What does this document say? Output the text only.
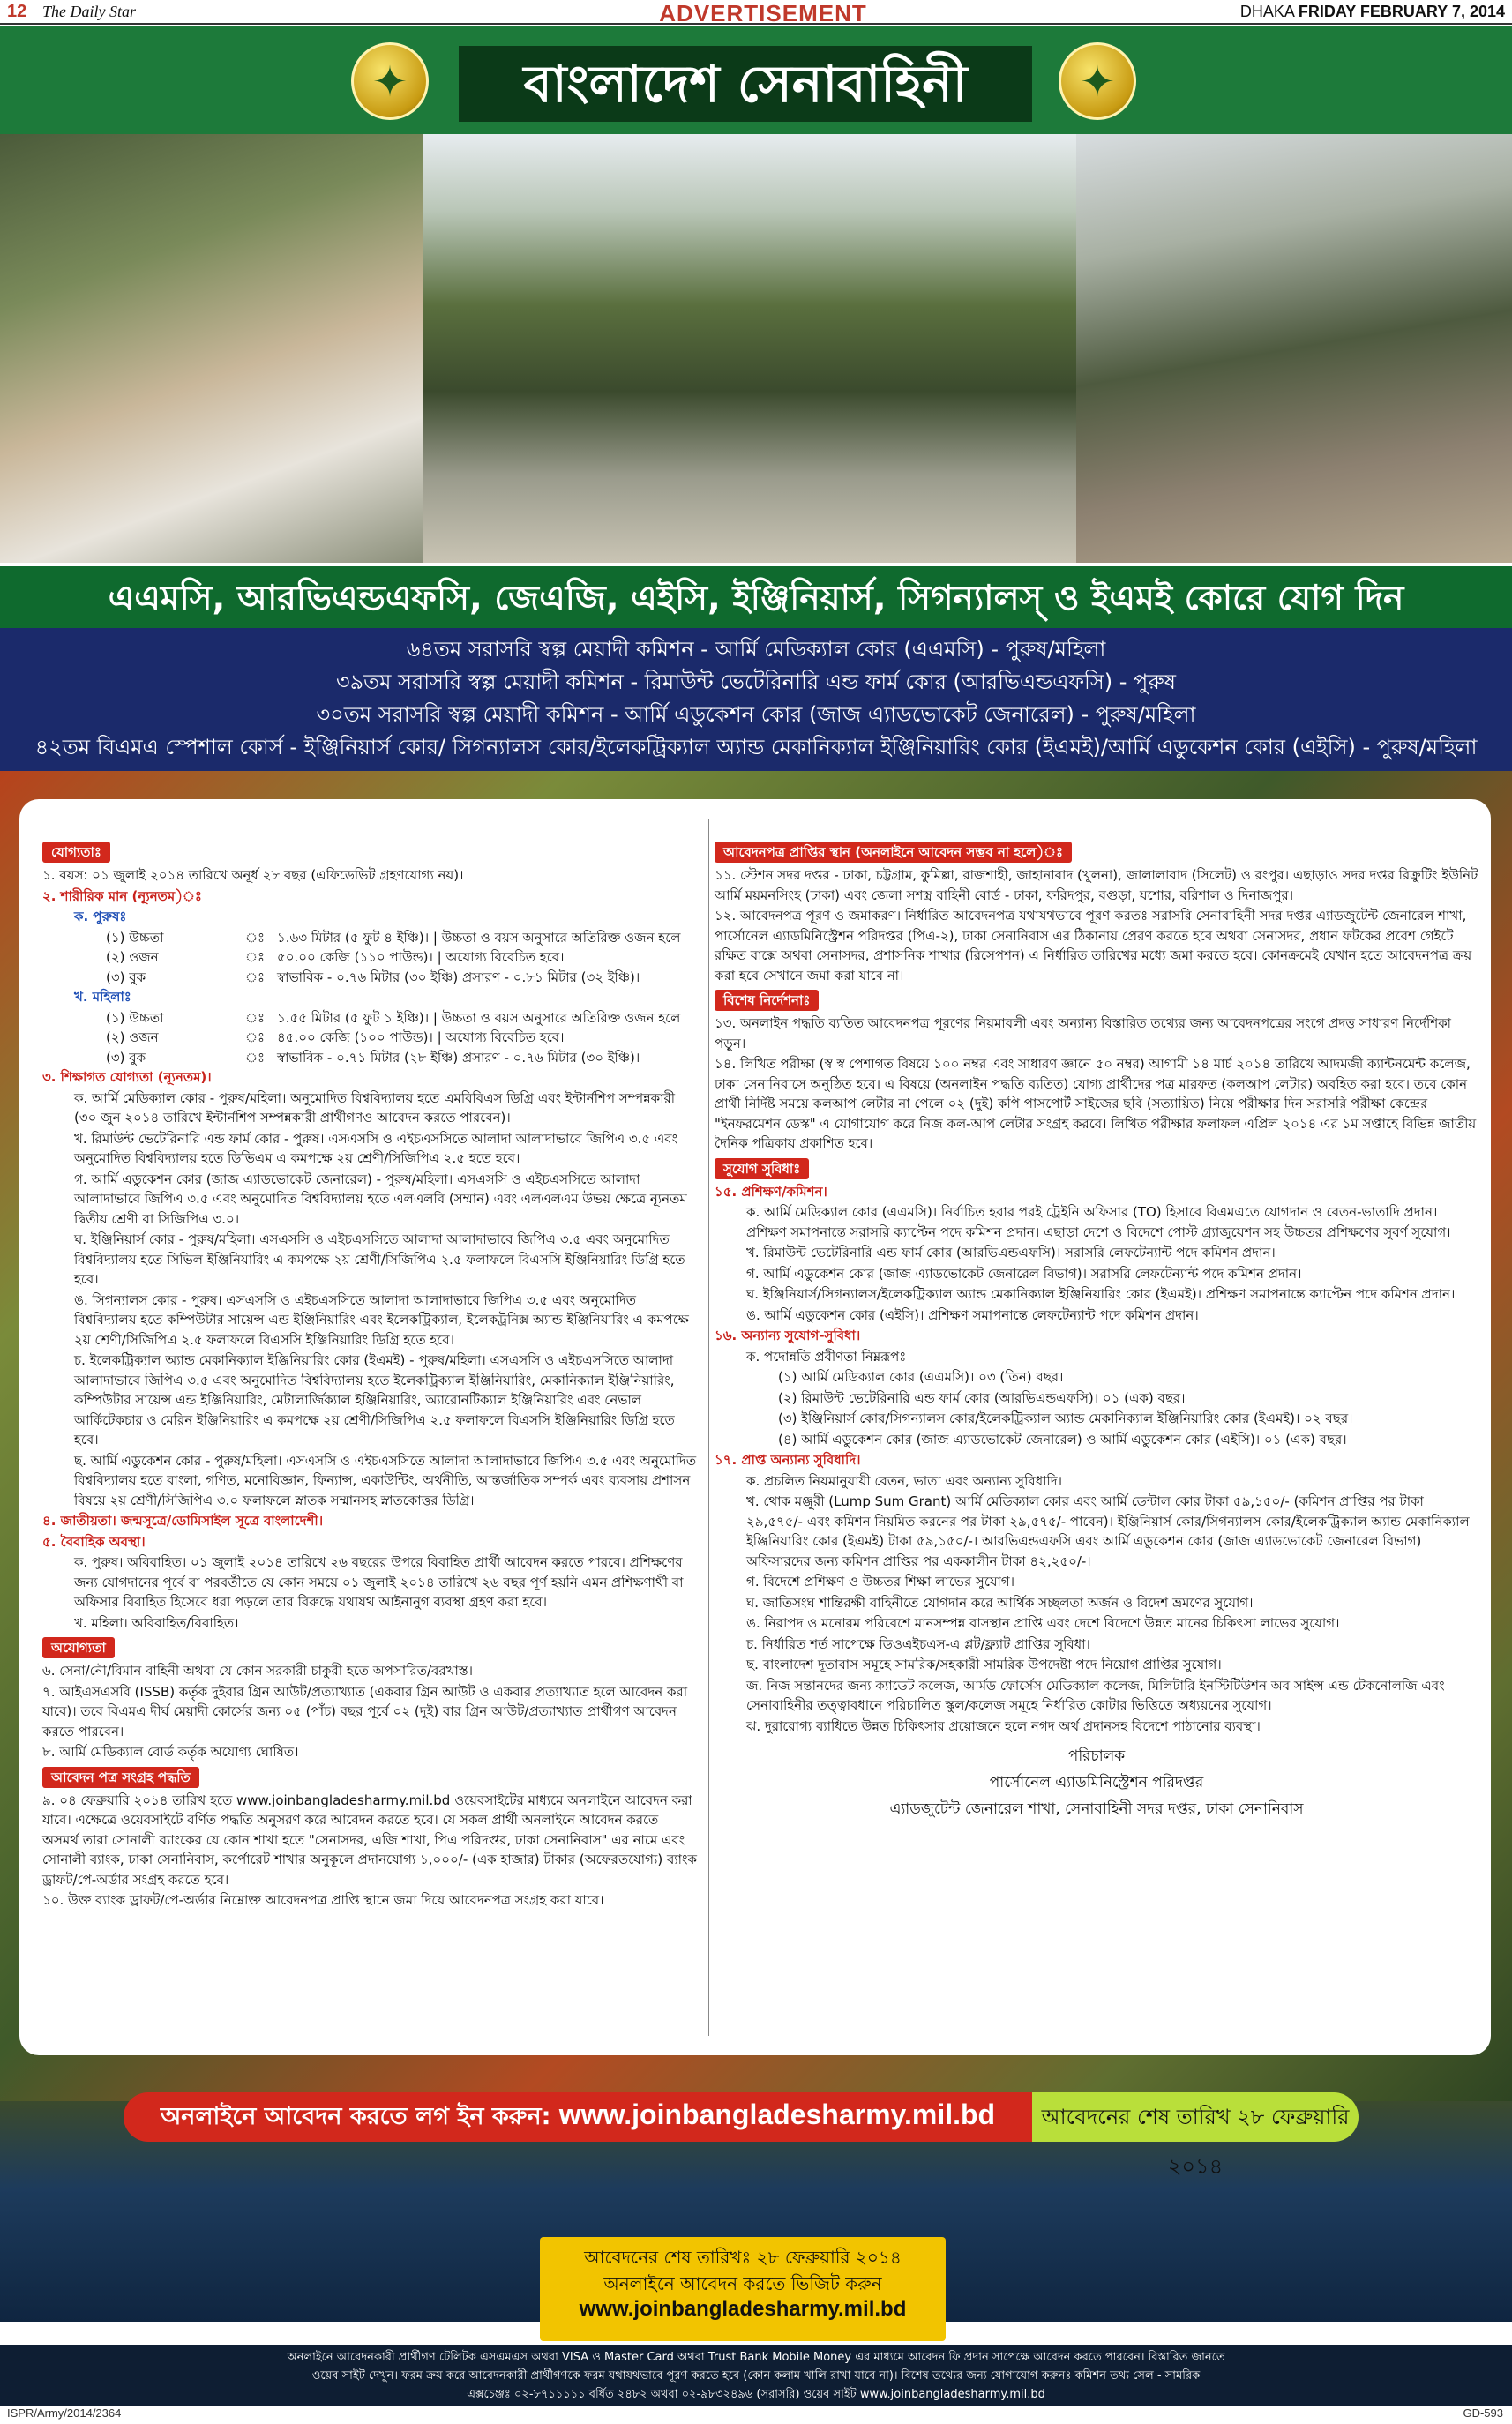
12 The Daily Star	ADVERTISEMENT	DHAKA FRIDAY FEBRUARY 7, 2014
✦
বাংলাদেশ সেনাবাহিনী
✦
এএমসি, আরভিএন্ডএফসি, জেএজি, এইসি, ইঞ্জিনিয়ার্স, সিগন্যালস্ ও ইএমই কোরে যোগ দিন
৬৪তম সরাসরি স্বল্প মেয়াদী কমিশন - আর্মি মেডিক্যাল কোর (এএমসি) - পুরুষ/মহিলা
৩৯তম সরাসরি স্বল্প মেয়াদী কমিশন - রিমাউন্ট ভেটেরিনারি এন্ড ফার্ম কোর (আরভিএন্ডএফসি) - পুরুষ
৩০তম সরাসরি স্বল্প মেয়াদী কমিশন - আর্মি এডুকেশন কোর (জাজ এ্যাডভোকেট জেনারেল) - পুরুষ/মহিলা
৪২তম বিএমএ স্পেশাল কোর্স - ইঞ্জিনিয়ার্স কোর/ সিগন্যালস কোর/ইলেকট্রিক্যাল অ্যান্ড মেকানিক্যাল ইঞ্জিনিয়ারিং কোর (ইএমই)/আর্মি এডুকেশন কোর (এইসি) - পুরুষ/মহিলা
যোগ্যতাঃ
১. বয়স: ০১ জুলাই ২০১৪ তারিখে অনূর্ধ ২৮ বছর (এফিডেভিট গ্রহণযোগ্য নয়)।
২. শারীরিক মান (ন্যূনতম)ঃ
ক. পুরুষঃ
(১) উচ্চতা	ঃ ১.৬৩ মিটার (৫ ফুট ৪ ইঞ্চি)। | উচ্চতা ও বয়স অনুসারে অতিরিক্ত ওজন হলে
(২) ওজন	ঃ ৫০.০০ কেজি (১১০ পাউন্ড)। | অযোগ্য বিবেচিত হবে।
(৩) বুক	ঃ স্বাভাবিক - ০.৭৬ মিটার (৩০ ইঞ্চি) প্রসারণ - ০.৮১ মিটার (৩২ ইঞ্চি)।
খ. মহিলাঃ
(১) উচ্চতা	ঃ ১.৫৫ মিটার (৫ ফুট ১ ইঞ্চি)। | উচ্চতা ও বয়স অনুসারে অতিরিক্ত ওজন হলে
(২) ওজন	ঃ ৪৫.০০ কেজি (১০০ পাউন্ড)। | অযোগ্য বিবেচিত হবে।
(৩) বুক	ঃ স্বাভাবিক - ০.৭১ মিটার (২৮ ইঞ্চি) প্রসারণ - ০.৭৬ মিটার (৩০ ইঞ্চি)।
৩. শিক্ষাগত যোগ্যতা (ন্যূনতম)।
ক. আর্মি মেডিক্যাল কোর - পুরুষ/মহিলা। অনুমোদিত বিশ্ববিদ্যালয় হতে এমবিবিএস ডিগ্রি এবং ইন্টার্নশিপ সম্পন্নকারী (৩০ জুন ২০১৪ তারিখে ইন্টার্নশিপ সম্পন্নকারী প্রার্থীগণও আবেদন করতে পারবেন)।
খ. রিমাউন্ট ভেটেরিনারি এন্ড ফার্ম কোর - পুরুষ। এসএসসি ও এইচএসসিতে আলাদা আলাদাভাবে জিপিএ ৩.৫ এবং অনুমোদিত বিশ্ববিদ্যালয় হতে ডিভিএম এ কমপক্ষে ২য় শ্রেণী/সিজিপিএ ২.৫ হতে হবে।
গ. আর্মি এডুকেশন কোর (জাজ এ্যাডভোকেট জেনারেল) - পুরুষ/মহিলা। এসএসসি ও এইচএসসিতে আলাদা আলাদাভাবে জিপিএ ৩.৫ এবং অনুমোদিত বিশ্ববিদ্যালয় হতে এলএলবি (সম্মান) এবং এলএলএম উভয় ক্ষেত্রে ন্যূনতম দ্বিতীয় শ্রেণী বা সিজিপিএ ৩.০।
ঘ. ইঞ্জিনিয়ার্স কোর - পুরুষ/মহিলা। এসএসসি ও এইচএসসিতে আলাদা আলাদাভাবে জিপিএ ৩.৫ এবং অনুমোদিত বিশ্ববিদ্যালয় হতে সিভিল ইঞ্জিনিয়ারিং এ কমপক্ষে ২য় শ্রেণী/সিজিপিএ ২.৫ ফলাফলে বিএসসি ইঞ্জিনিয়ারিং ডিগ্রি হতে হবে।
ঙ. সিগন্যালস কোর - পুরুষ। এসএসসি ও এইচএসসিতে আলাদা আলাদাভাবে জিপিএ ৩.৫ এবং অনুমোদিত বিশ্ববিদ্যালয় হতে কম্পিউটার সায়েন্স এন্ড ইঞ্জিনিয়ারিং এবং ইলেকট্রিক্যাল, ইলেকট্রনিক্স অ্যান্ড ইঞ্জিনিয়ারিং এ কমপক্ষে ২য় শ্রেণী/সিজিপিএ ২.৫ ফলাফলে বিএসসি ইঞ্জিনিয়ারিং ডিগ্রি হতে হবে।
চ. ইলেকট্রিক্যাল অ্যান্ড মেকানিক্যাল ইঞ্জিনিয়ারিং কোর (ইএমই) - পুরুষ/মহিলা। এসএসসি ও এইচএসসিতে আলাদা আলাদাভাবে জিপিএ ৩.৫ এবং অনুমোদিত বিশ্ববিদ্যালয় হতে ইলেকট্রিক্যাল ইঞ্জিনিয়ারিং, মেকানিক্যাল ইঞ্জিনিয়ারিং, কম্পিউটার সায়েন্স এন্ড ইঞ্জিনিয়ারিং, মেটালার্জিক্যাল ইঞ্জিনিয়ারিং, অ্যারোনটিক্যাল ইঞ্জিনিয়ারিং এবং নেভাল আর্কিটেকচার ও মেরিন ইঞ্জিনিয়ারিং এ কমপক্ষে ২য় শ্রেণী/সিজিপিএ ২.৫ ফলাফলে বিএসসি ইঞ্জিনিয়ারিং ডিগ্রি হতে হবে।
ছ. আর্মি এডুকেশন কোর - পুরুষ/মহিলা। এসএসসি ও এইচএসসিতে আলাদা আলাদাভাবে জিপিএ ৩.৫ এবং অনুমোদিত বিশ্ববিদ্যালয় হতে বাংলা, গণিত, মনোবিজ্ঞান, ফিন্যান্স, একাউন্টিং, অর্থনীতি, আন্তর্জাতিক সম্পর্ক এবং ব্যবসায় প্রশাসন বিষয়ে ২য় শ্রেণী/সিজিপিএ ৩.০ ফলাফলে স্নাতক সম্মানসহ স্নাতকোত্তর ডিগ্রি।
৪. জাতীয়তা। জন্মসূত্রে/ডোমিসাইল সূত্রে বাংলাদেশী।
৫. বৈবাহিক অবস্থা।
ক. পুরুষ। অবিবাহিত। ০১ জুলাই ২০১৪ তারিখে ২৬ বছরের উপরে বিবাহিত প্রার্থী আবেদন করতে পারবে। প্রশিক্ষণের জন্য যোগদানের পূর্বে বা পরবর্তীতে যে কোন সময়ে ০১ জুলাই ২০১৪ তারিখে ২৬ বছর পূর্ণ হয়নি এমন প্রশিক্ষণার্থী বা অফিসার বিবাহিত হিসেবে ধরা পড়লে তার বিরুদ্ধে যথাযথ আইনানুগ ব্যবস্থা গ্রহণ করা হবে।
খ. মহিলা। অবিবাহিত/বিবাহিত।
অযোগ্যতা
৬. সেনা/নৌ/বিমান বাহিনী অথবা যে কোন সরকারী চাকুরী হতে অপসারিত/বরখাস্ত।
৭. আইএসএসবি (ISSB) কর্তৃক দুইবার গ্রিন আউট/প্রত্যাখ্যাত (একবার গ্রিন আউট ও একবার প্রত্যাখ্যাত হলে আবেদন করা যাবে)। তবে বিএমএ দীর্ঘ মেয়াদী কোর্সের জন্য ০৫ (পাঁচ) বছর পূর্বে ০২ (দুই) বার গ্রিন আউট/প্রত্যাখ্যাত প্রার্থীগণ আবেদন করতে পারবেন।
৮. আর্মি মেডিক্যাল বোর্ড কর্তৃক অযোগ্য ঘোষিত।
আবেদন পত্র সংগ্রহ পদ্ধতি
৯. ০৪ ফেব্রুয়ারি ২০১৪ তারিখ হতে www.joinbangladesharmy.mil.bd ওয়েবসাইটের মাধ্যমে অনলাইনে আবেদন করা যাবে। এক্ষেত্রে ওয়েবসাইটে বর্ণিত পদ্ধতি অনুসরণ করে আবেদন করতে হবে। যে সকল প্রার্থী অনলাইনে আবেদন করতে অসমর্থ তারা সোনালী ব্যাংকের যে কোন শাখা হতে "সেনাসদর, এজি শাখা, পিএ পরিদপ্তর, ঢাকা সেনানিবাস" এর নামে এবং সোনালী ব্যাংক, ঢাকা সেনানিবাস, কর্পোরেট শাখার অনুকূলে প্রদানযোগ্য ১,০০০/- (এক হাজার) টাকার (অফেরতযোগ্য) ব্যাংক ড্রাফট/পে-অর্ডার সংগ্রহ করতে হবে।
১০. উক্ত ব্যাংক ড্রাফট/পে-অর্ডার নিম্নোক্ত আবেদনপত্র প্রাপ্তি স্থানে জমা দিয়ে আবেদনপত্র সংগ্রহ করা যাবে।
আবেদনপত্র প্রাপ্তির স্থান (অনলাইনে আবেদন সম্ভব না হলে)ঃ
১১. স্টেশন সদর দপ্তর - ঢাকা, চট্টগ্রাম, কুমিল্লা, রাজশাহী, জাহানাবাদ (খুলনা), জালালাবাদ (সিলেট) ও রংপুর। এছাড়াও সদর দপ্তর রিক্রুটিং ইউনিট আর্মি ময়মনসিংহ (ঢাকা) এবং জেলা সশস্ত্র বাহিনী বোর্ড - ঢাকা, ফরিদপুর, বগুড়া, যশোর, বরিশাল ও দিনাজপুর।
১২. আবেদনপত্র পূরণ ও জমাকরণ। নির্ধারিত আবেদনপত্র যথাযথভাবে পূরণ করতঃ সরাসরি সেনাবাহিনী সদর দপ্তর এ্যাডজুটেন্ট জেনারেল শাখা, পার্সোনেল এ্যাডমিনিস্ট্রেশন পরিদপ্তর (পিএ-২), ঢাকা সেনানিবাস এর ঠিকানায় প্রেরণ করতে হবে অথবা সেনাসদর, প্রধান ফটকের প্রবেশ গেইটে রক্ষিত বাক্সে অথবা সেনাসদর, প্রশাসনিক শাখার (রিসেপশন) এ নির্ধারিত তারিখের মধ্যে জমা করতে হবে। কোনক্রমেই যেখান হতে আবেদনপত্র ক্রয় করা হবে সেখানে জমা করা যাবে না।
বিশেষ নির্দেশনাঃ
১৩. অনলাইন পদ্ধতি ব্যতিত আবেদনপত্র পূরণের নিয়মাবলী এবং অন্যান্য বিস্তারিত তথ্যের জন্য আবেদনপত্রের সংগে প্রদত্ত সাধারণ নির্দেশিকা পড়ুন।
১৪. লিখিত পরীক্ষা (স্ব স্ব পেশাগত বিষয়ে ১০০ নম্বর এবং সাধারণ জ্ঞানে ৫০ নম্বর) আগামী ১৪ মার্চ ২০১৪ তারিখে আদমজী ক্যান্টনমেন্ট কলেজ, ঢাকা সেনানিবাসে অনুষ্ঠিত হবে। এ বিষয়ে (অনলাইন পদ্ধতি ব্যতিত) যোগ্য প্রার্থীদের পত্র মারফত (কলআপ লেটার) অবহিত করা হবে। তবে কোন প্রার্থী নির্দিষ্ট সময়ে কলআপ লেটার না পেলে ০২ (দুই) কপি পাসপোর্ট সাইজের ছবি (সত্যায়িত) নিয়ে পরীক্ষার দিন সরাসরি পরীক্ষা কেন্দ্রের "ইনফরমেশন ডেস্ক" এ যোগাযোগ করে নিজ কল-আপ লেটার সংগ্রহ করবে। লিখিত পরীক্ষার ফলাফল এপ্রিল ২০১৪ এর ১ম সপ্তাহে বিভিন্ন জাতীয় দৈনিক পত্রিকায় প্রকাশিত হবে।
সুযোগ সুবিধাঃ
১৫. প্রশিক্ষণ/কমিশন।
ক. আর্মি মেডিক্যাল কোর (এএমসি)। নির্বাচিত হবার পরই ট্রেইনি অফিসার (TO) হিসাবে বিএমএতে যোগদান ও বেতন-ভাতাদি প্রদান। প্রশিক্ষণ সমাপনান্তে সরাসরি ক্যাপ্টেন পদে কমিশন প্রদান। এছাড়া দেশে ও বিদেশে পোস্ট গ্র্যাজুয়েশন সহ উচ্চতর প্রশিক্ষণের সুবর্ণ সুযোগ।
খ. রিমাউন্ট ভেটেরিনারি এন্ড ফার্ম কোর (আরভিএন্ডএফসি)। সরাসরি লেফটেন্যান্ট পদে কমিশন প্রদান।
গ. আর্মি এডুকেশন কোর (জাজ এ্যাডভোকেট জেনারেল বিভাগ)। সরাসরি লেফটেন্যান্ট পদে কমিশন প্রদান।
ঘ. ইঞ্জিনিয়ার্স/সিগন্যালস/ইলেকট্রিক্যাল অ্যান্ড মেকানিক্যাল ইঞ্জিনিয়ারিং কোর (ইএমই)। প্রশিক্ষণ সমাপনান্তে ক্যাপ্টেন পদে কমিশন প্রদান।
ঙ. আর্মি এডুকেশন কোর (এইসি)। প্রশিক্ষণ সমাপনান্তে লেফটেন্যান্ট পদে কমিশন প্রদান।
১৬. অন্যান্য সুযোগ-সুবিধা।
ক. পদোন্নতি প্রবীণতা নিম্নরূপঃ
(১) আর্মি মেডিক্যাল কোর (এএমসি)। ০৩ (তিন) বছর।
(২) রিমাউন্ট ভেটেরিনারি এন্ড ফার্ম কোর (আরভিএন্ডএফসি)। ০১ (এক) বছর।
(৩) ইঞ্জিনিয়ার্স কোর/সিগন্যালস কোর/ইলেকট্রিক্যাল অ্যান্ড মেকানিক্যাল ইঞ্জিনিয়ারিং কোর (ইএমই)। ০২ বছর।
(৪) আর্মি এডুকেশন কোর (জাজ এ্যাডভোকেট জেনারেল) ও আর্মি এডুকেশন কোর (এইসি)। ০১ (এক) বছর।
১৭. প্রাপ্ত অন্যান্য সুবিধাদি।
ক. প্রচলিত নিয়মানুযায়ী বেতন, ভাতা এবং অন্যান্য সুবিধাদি।
খ. থোক মঞ্জুরী (Lump Sum Grant) আর্মি মেডিক্যাল কোর এবং আর্মি ডেন্টাল কোর টাকা ৫৯,১৫০/- (কমিশন প্রাপ্তির পর টাকা ২৯,৫৭৫/- এবং কমিশন নিয়মিত করনের পর টাকা ২৯,৫৭৫/- পাবেন)। ইঞ্জিনিয়ার্স কোর/সিগন্যালস কোর/ইলেকট্রিক্যাল অ্যান্ড মেকানিক্যাল ইঞ্জিনিয়ারিং কোর (ইএমই) টাকা ৫৯,১৫০/-। আরভিএন্ডএফসি এবং আর্মি এডুকেশন কোর (জাজ এ্যাডভোকেট জেনারেল বিভাগ) অফিসারদের জন্য কমিশন প্রাপ্তির পর এককালীন টাকা ৪২,২৫০/-।
গ. বিদেশে প্রশিক্ষণ ও উচ্চতর শিক্ষা লাভের সুযোগ।
ঘ. জাতিসংঘ শান্তিরক্ষী বাহিনীতে যোগদান করে আর্থিক সচ্ছলতা অর্জন ও বিদেশ ভ্রমণের সুযোগ।
ঙ. নিরাপদ ও মনোরম পরিবেশে মানসম্পন্ন বাসস্থান প্রাপ্তি এবং দেশে বিদেশে উন্নত মানের চিকিৎসা লাভের সুযোগ।
চ. নির্ধারিত শর্ত সাপেক্ষে ডিওএইচএস-এ প্লট/ফ্ল্যাট প্রাপ্তির সুবিধা।
ছ. বাংলাদেশ দূতাবাস সমূহে সামরিক/সহকারী সামরিক উপদেষ্টা পদে নিয়োগ প্রাপ্তির সুযোগ।
জ. নিজ সন্তানদের জন্য ক্যাডেট কলেজ, আর্মড ফোর্সেস মেডিক্যাল কলেজ, মিলিটারি ইনস্টিটিউশন অব সাইন্স এন্ড টেকনোলজি এবং সেনাবাহিনীর তত্ত্বাবধানে পরিচালিত স্কুল/কলেজ সমূহে নির্ধারিত কোটার ভিত্তিতে অধ্যয়নের সুযোগ।
ঝ. দুরারোগ্য ব্যাধিতে উন্নত চিকিৎসার প্রয়োজনে হলে নগদ অর্থ প্রদানসহ বিদেশে পাঠানোর ব্যবস্থা।
পরিচালক
পার্সোনেল এ্যাডমিনিস্ট্রেশন পরিদপ্তর
এ্যাডজুটেন্ট জেনারেল শাখা, সেনাবাহিনী সদর দপ্তর, ঢাকা সেনানিবাস
অনলাইনে আবেদন করতে লগ ইন করুন: www.joinbangladesharmy.mil.bd	আবেদনের শেষ তারিখ ২৮ ফেব্রুয়ারি ২০১৪
আবেদনের শেষ তারিখঃ ২৮ ফেব্রুয়ারি ২০১৪
অনলাইনে আবেদন করতে ভিজিট করুন
www.joinbangladesharmy.mil.bd
অনলাইনে আবেদনকারী প্রার্থীগণ টেলিটক এসএমএস অথবা VISA ও Master Card অথবা Trust Bank Mobile Money এর মাধ্যমে আবেদন ফি প্রদান সাপেক্ষে আবেদন করতে পারবেন। বিস্তারিত জানতে
ওয়েব সাইট দেখুন। ফরম ক্রয় করে আবেদনকারী প্রার্থীগণকে ফরম যথাযথভাবে পূরণ করতে হবে (কোন কলাম খালি রাখা যাবে না)। বিশেষ তথ্যের জন্য যোগাযোগ করুনঃ কমিশন তথ্য সেল - সামরিক
এক্সচেঞ্জঃ ০২-৮৭১১১১১ বর্ধিত ২৪৮২ অথবা ০২-৯৮৩২৪৯৬ (সরাসরি) ওয়েব সাইট www.joinbangladesharmy.mil.bd
ISPR/Army/2014/2364	GD-593
